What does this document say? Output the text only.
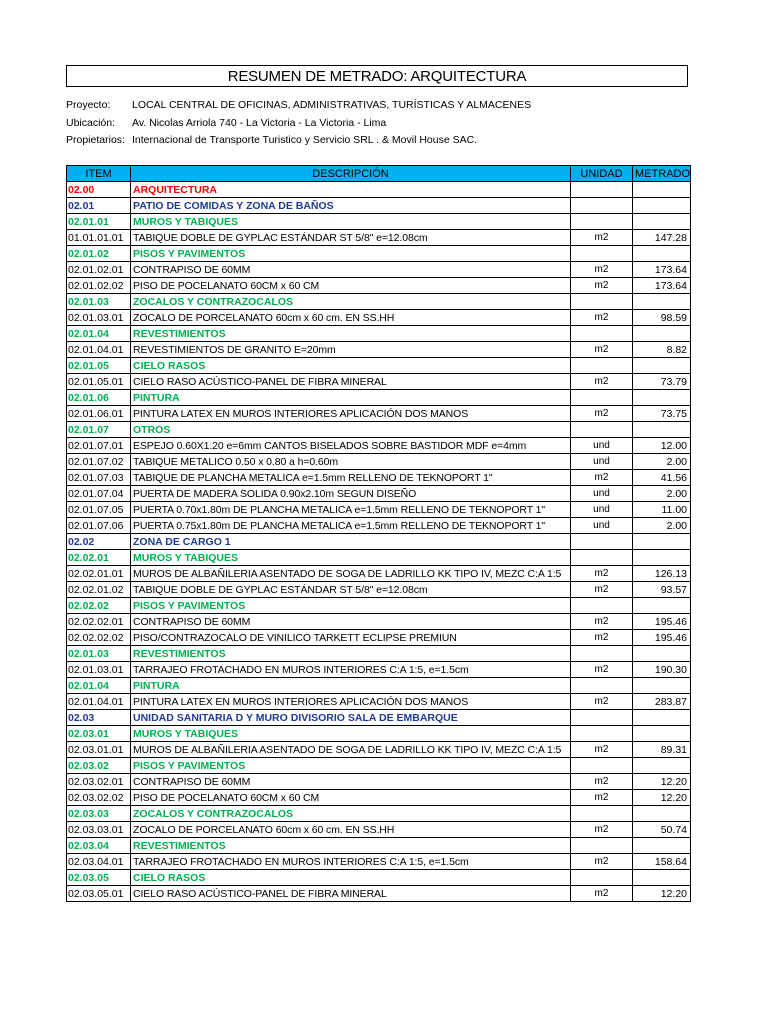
RESUMEN DE METRADO: ARQUITECTURA
Proyecto:	LOCAL CENTRAL DE OFICINAS, ADMINISTRATIVAS, TURÍSTICAS Y ALMACENES
Ubicación:	Av. Nicolas Arriola 740 - La Victoria - La Victoria - Lima
Propietarios: Internacional de Transporte Turistico y Servicio SRL . & Movil House SAC.
ITEM	DESCRIPCIÓN	UNIDAD	METRADO
02.00	ARQUITECTURA		
02.01	PATIO DE COMIDAS Y ZONA DE BAÑOS		
02.01.01	MUROS Y TABIQUES		
01.01.01.01	TABIQUE DOBLE DE GYPLAC ESTÁNDAR ST 5/8" e=12.08cm	m2	147.28
02.01.02	PISOS Y PAVIMENTOS		
02.01.02.01	CONTRAPISO DE 60MM	m2	173.64
02.01.02.02	PISO DE POCELANATO 60CM x 60 CM	m2	173.64
02.01.03	ZOCALOS Y CONTRAZOCALOS		
02.01.03.01	ZOCALO DE PORCELANATO 60cm x 60 cm. EN SS.HH	m2	98.59
02.01.04	REVESTIMIENTOS		
02.01.04.01	REVESTIMIENTOS DE GRANITO E=20mm	m2	8.82
02.01.05	CIELO RASOS		
02.01.05.01	CIELO RASO ACÚSTICO-PANEL DE FIBRA MINERAL	m2	73.79
02.01.06	PINTURA		
02.01.06.01	PINTURA LATEX EN MUROS INTERIORES APLICACIÓN DOS MANOS	m2	73.75
02.01.07	OTROS		
02.01.07.01	ESPEJO 0.60X1.20 e=6mm CANTOS BISELADOS SOBRE BASTIDOR MDF e=4mm	und	12.00
02.01.07.02	TABIQUE METALICO 0.50 x 0.80 a h=0.60m	und	2.00
02.01.07.03	TABIQUE DE PLANCHA METALICA e=1.5mm RELLENO DE TEKNOPORT 1"	m2	41.56
02.01.07.04	PUERTA DE MADERA SOLIDA 0.90x2.10m SEGUN DISEÑO	und	2.00
02.01.07.05	PUERTA 0.70x1.80m DE PLANCHA METALICA e=1.5mm RELLENO DE TEKNOPORT 1"	und	11.00
02.01.07.06	PUERTA 0.75x1.80m DE PLANCHA METALICA e=1.5mm RELLENO DE TEKNOPORT 1"	und	2.00
02.02	ZONA DE CARGO 1		
02.02.01	MUROS Y TABIQUES		
02.02.01.01	MUROS DE ALBAÑILERIA ASENTADO DE SOGA DE LADRILLO KK TIPO IV, MEZC C:A 1:5	m2	126.13
02.02.01.02	TABIQUE DOBLE DE GYPLAC ESTÁNDAR ST 5/8" e=12.08cm	m2	93.57
02.02.02	PISOS Y PAVIMENTOS		
02.02.02.01	CONTRAPISO DE 60MM	m2	195.46
02.02.02.02	PISO/CONTRAZOCALO DE VINILICO TARKETT ECLIPSE PREMIUN	m2	195.46
02.01.03	REVESTIMIENTOS		
02.01.03.01	TARRAJEO FROTACHADO EN MUROS INTERIORES C:A 1:5, e=1.5cm	m2	190.30
02.01.04	PINTURA		
02.01.04.01	PINTURA LATEX EN MUROS INTERIORES APLICACIÓN DOS MANOS	m2	283.87
02.03	UNIDAD SANITARIA D Y MURO DIVISORIO SALA DE EMBARQUE		
02.03.01	MUROS Y TABIQUES		
02.03.01.01	MUROS DE ALBAÑILERIA ASENTADO DE SOGA DE LADRILLO KK TIPO IV, MEZC C:A 1:5	m2	89.31
02.03.02	PISOS Y PAVIMENTOS		
02.03.02.01	CONTRAPISO DE 60MM	m2	12.20
02.03.02.02	PISO DE POCELANATO 60CM x 60 CM	m2	12.20
02.03.03	ZOCALOS Y CONTRAZOCALOS		
02.03.03.01	ZOCALO DE PORCELANATO 60cm x 60 cm. EN SS.HH	m2	50.74
02.03.04	REVESTIMIENTOS		
02.03.04.01	TARRAJEO FROTACHADO EN MUROS INTERIORES C:A 1:5, e=1.5cm	m2	158.64
02.03.05	CIELO RASOS		
02.03.05.01	CIELO RASO ACÚSTICO-PANEL DE FIBRA MINERAL	m2	12.20
